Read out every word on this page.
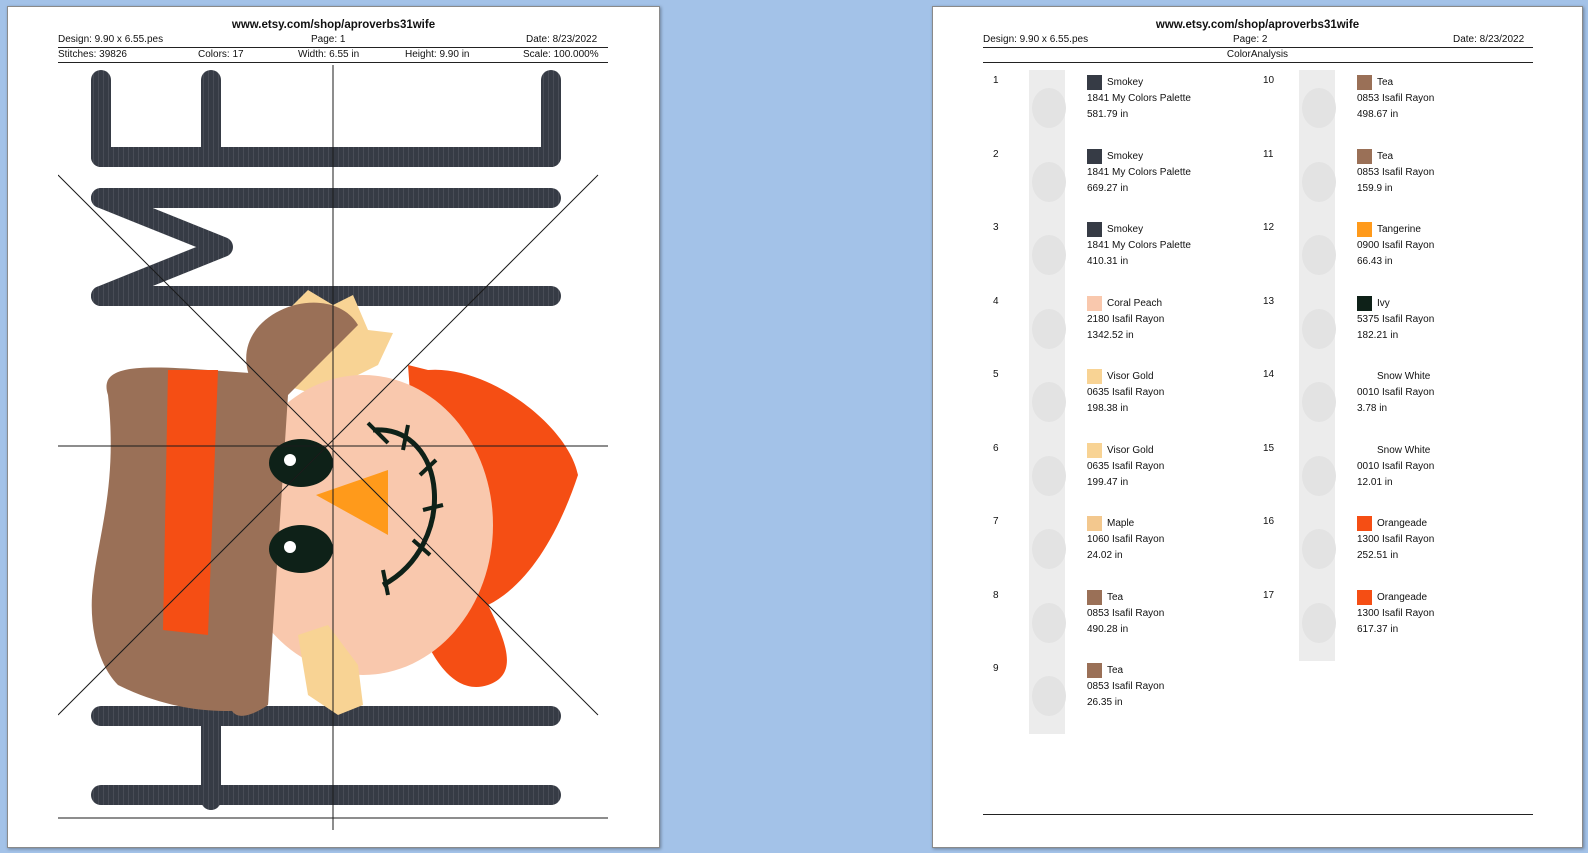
www.etsy.com/shop/aproverbs31wife
Design: 9.90 x 6.55.pes	Page: 1	Date: 8/23/2022
Stitches: 39826	Colors: 17	Width: 6.55 in	Height: 9.90 in	Scale: 100.000%
www.etsy.com/shop/aproverbs31wife
Design: 9.90 x 6.55.pes	Page: 2	Date: 8/23/2022
ColorAnalysis
1	Smokey
1841 My Colors Palette
581.79 in
2	Smokey
1841 My Colors Palette
669.27 in
3	Smokey
1841 My Colors Palette
410.31 in
4	Coral Peach
2180 Isafil Rayon
1342.52 in
5	Visor Gold
0635 Isafil Rayon
198.38 in
6	Visor Gold
0635 Isafil Rayon
199.47 in
7	Maple
1060 Isafil Rayon
24.02 in
8	Tea
0853 Isafil Rayon
490.28 in
9	Tea
0853 Isafil Rayon
26.35 in
10	Tea
0853 Isafil Rayon
498.67 in
11	Tea
0853 Isafil Rayon
159.9 in
12	Tangerine
0900 Isafil Rayon
66.43 in
13	Ivy
5375 Isafil Rayon
182.21 in
14	Snow White
0010 Isafil Rayon
3.78 in
15	Snow White
0010 Isafil Rayon
12.01 in
16	Orangeade
1300 Isafil Rayon
252.51 in
17	Orangeade
1300 Isafil Rayon
617.37 in
